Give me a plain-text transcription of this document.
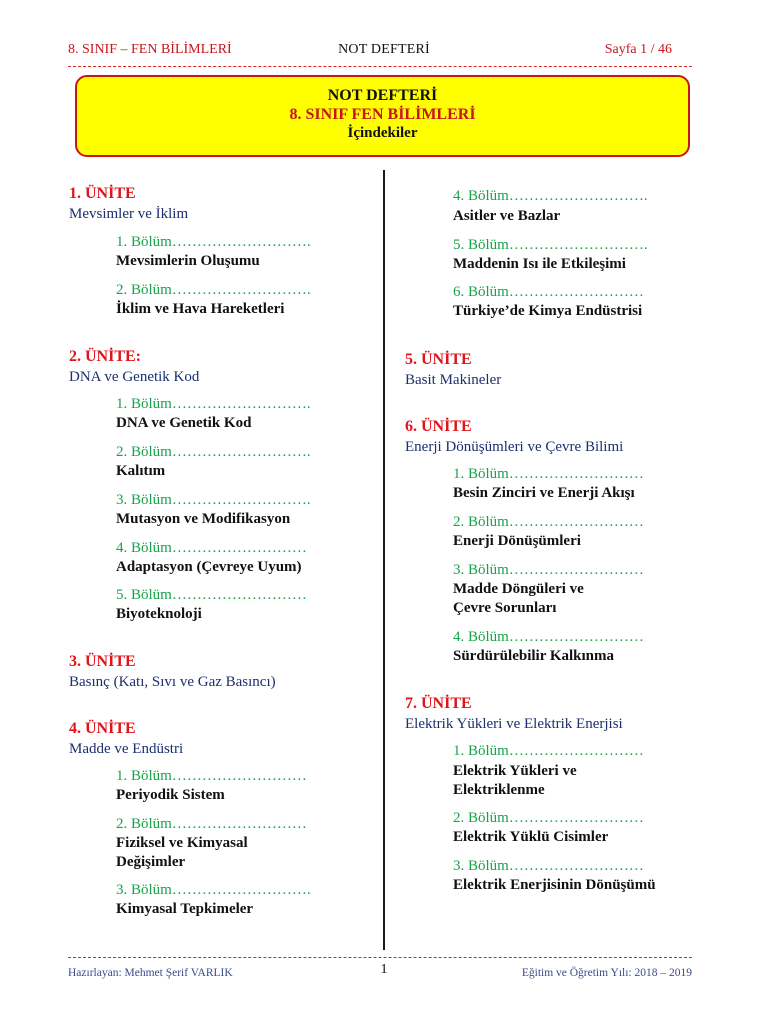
8. SINIF – FEN BİLİMLERİ	NOT DEFTERİ	Sayfa 1 / 46
NOT DEFTERİ
8. SINIF FEN BİLİMLERİ
İçindekiler
1. ÜNİTE
Mevsimler ve İklim
1. Bölüm……………………….
Mevsimlerin Oluşumu
2. Bölüm……………………….
İklim ve Hava Hareketleri
2. ÜNİTE:
DNA ve Genetik Kod
1. Bölüm……………………….
DNA ve Genetik Kod
2. Bölüm……………………….
Kalıtım
3. Bölüm……………………….
Mutasyon ve Modifikasyon
4. Bölüm………………………
Adaptasyon (Çevreye Uyum)
5. Bölüm………………………
Biyoteknoloji
3. ÜNİTE
Basınç (Katı, Sıvı ve Gaz Basıncı)
4. ÜNİTE
Madde ve Endüstri
1. Bölüm………………………
Periyodik Sistem
2. Bölüm………………………
Fiziksel ve Kimyasal
Değişimler
3. Bölüm……………………….
Kimyasal Tepkimeler
4. Bölüm……………………….
Asitler ve Bazlar
5. Bölüm……………………….
Maddenin Isı ile Etkileşimi
6. Bölüm………………………
Türkiye’de Kimya Endüstrisi
5. ÜNİTE
Basit Makineler
6. ÜNİTE
Enerji Dönüşümleri ve Çevre Bilimi
1. Bölüm………………………
Besin Zinciri ve Enerji Akışı
2. Bölüm………………………
Enerji Dönüşümleri
3. Bölüm………………………
Madde Döngüleri ve
Çevre Sorunları
4. Bölüm………………………
Sürdürülebilir Kalkınma
7. ÜNİTE
Elektrik Yükleri ve Elektrik Enerjisi
1. Bölüm………………………
Elektrik Yükleri ve
Elektriklenme
2. Bölüm………………………
Elektrik Yüklü Cisimler
3. Bölüm………………………
Elektrik Enerjisinin Dönüşümü
Hazırlayan: Mehmet Şerif VARLIK	1	Eğitim ve Öğretim Yılı: 2018 – 2019
